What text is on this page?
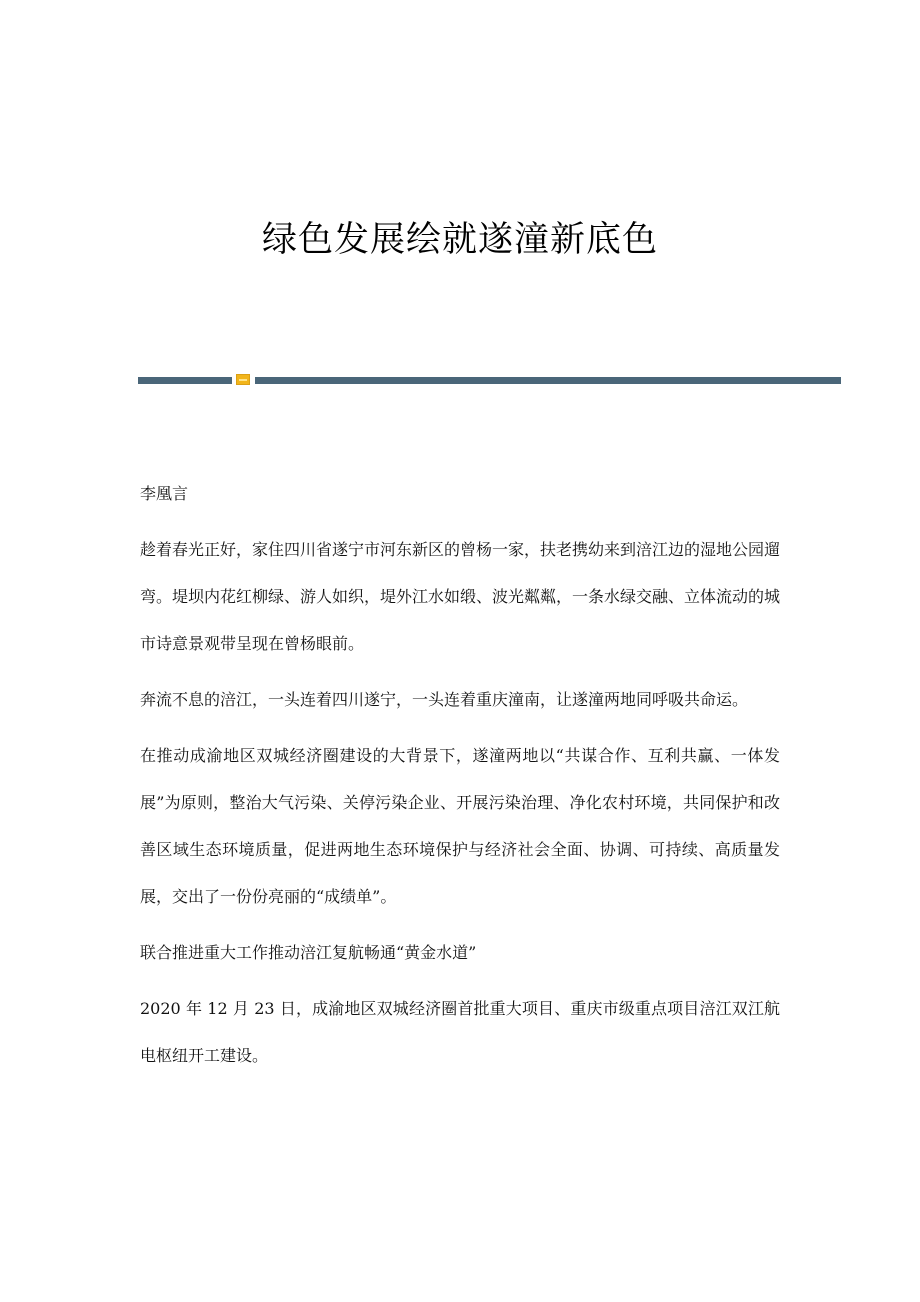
绿色发展绘就遂潼新底色

李凰言

趁着春光正好，家住四川省遂宁市河东新区的曾杨一家，扶老携幼来到涪江边的湿地公园遛弯。堤坝内花红柳绿、游人如织，堤外江水如缎、波光粼粼，一条水绿交融、立体流动的城市诗意景观带呈现在曾杨眼前。

奔流不息的涪江，一头连着四川遂宁，一头连着重庆潼南，让遂潼两地同呼吸共命运。

在推动成渝地区双城经济圈建设的大背景下，遂潼两地以“共谋合作、互利共赢、一体发展”为原则，整治大气污染、关停污染企业、开展污染治理、净化农村环境，共同保护和改善区域生态环境质量，促进两地生态环境保护与经济社会全面、协调、可持续、高质量发展，交出了一份份亮丽的“成绩单”。

联合推进重大工作推动涪江复航畅通“黄金水道”

2020 年 12 月 23 日，成渝地区双城经济圈首批重大项目、重庆市级重点项目涪江双江航电枢纽开工建设。
